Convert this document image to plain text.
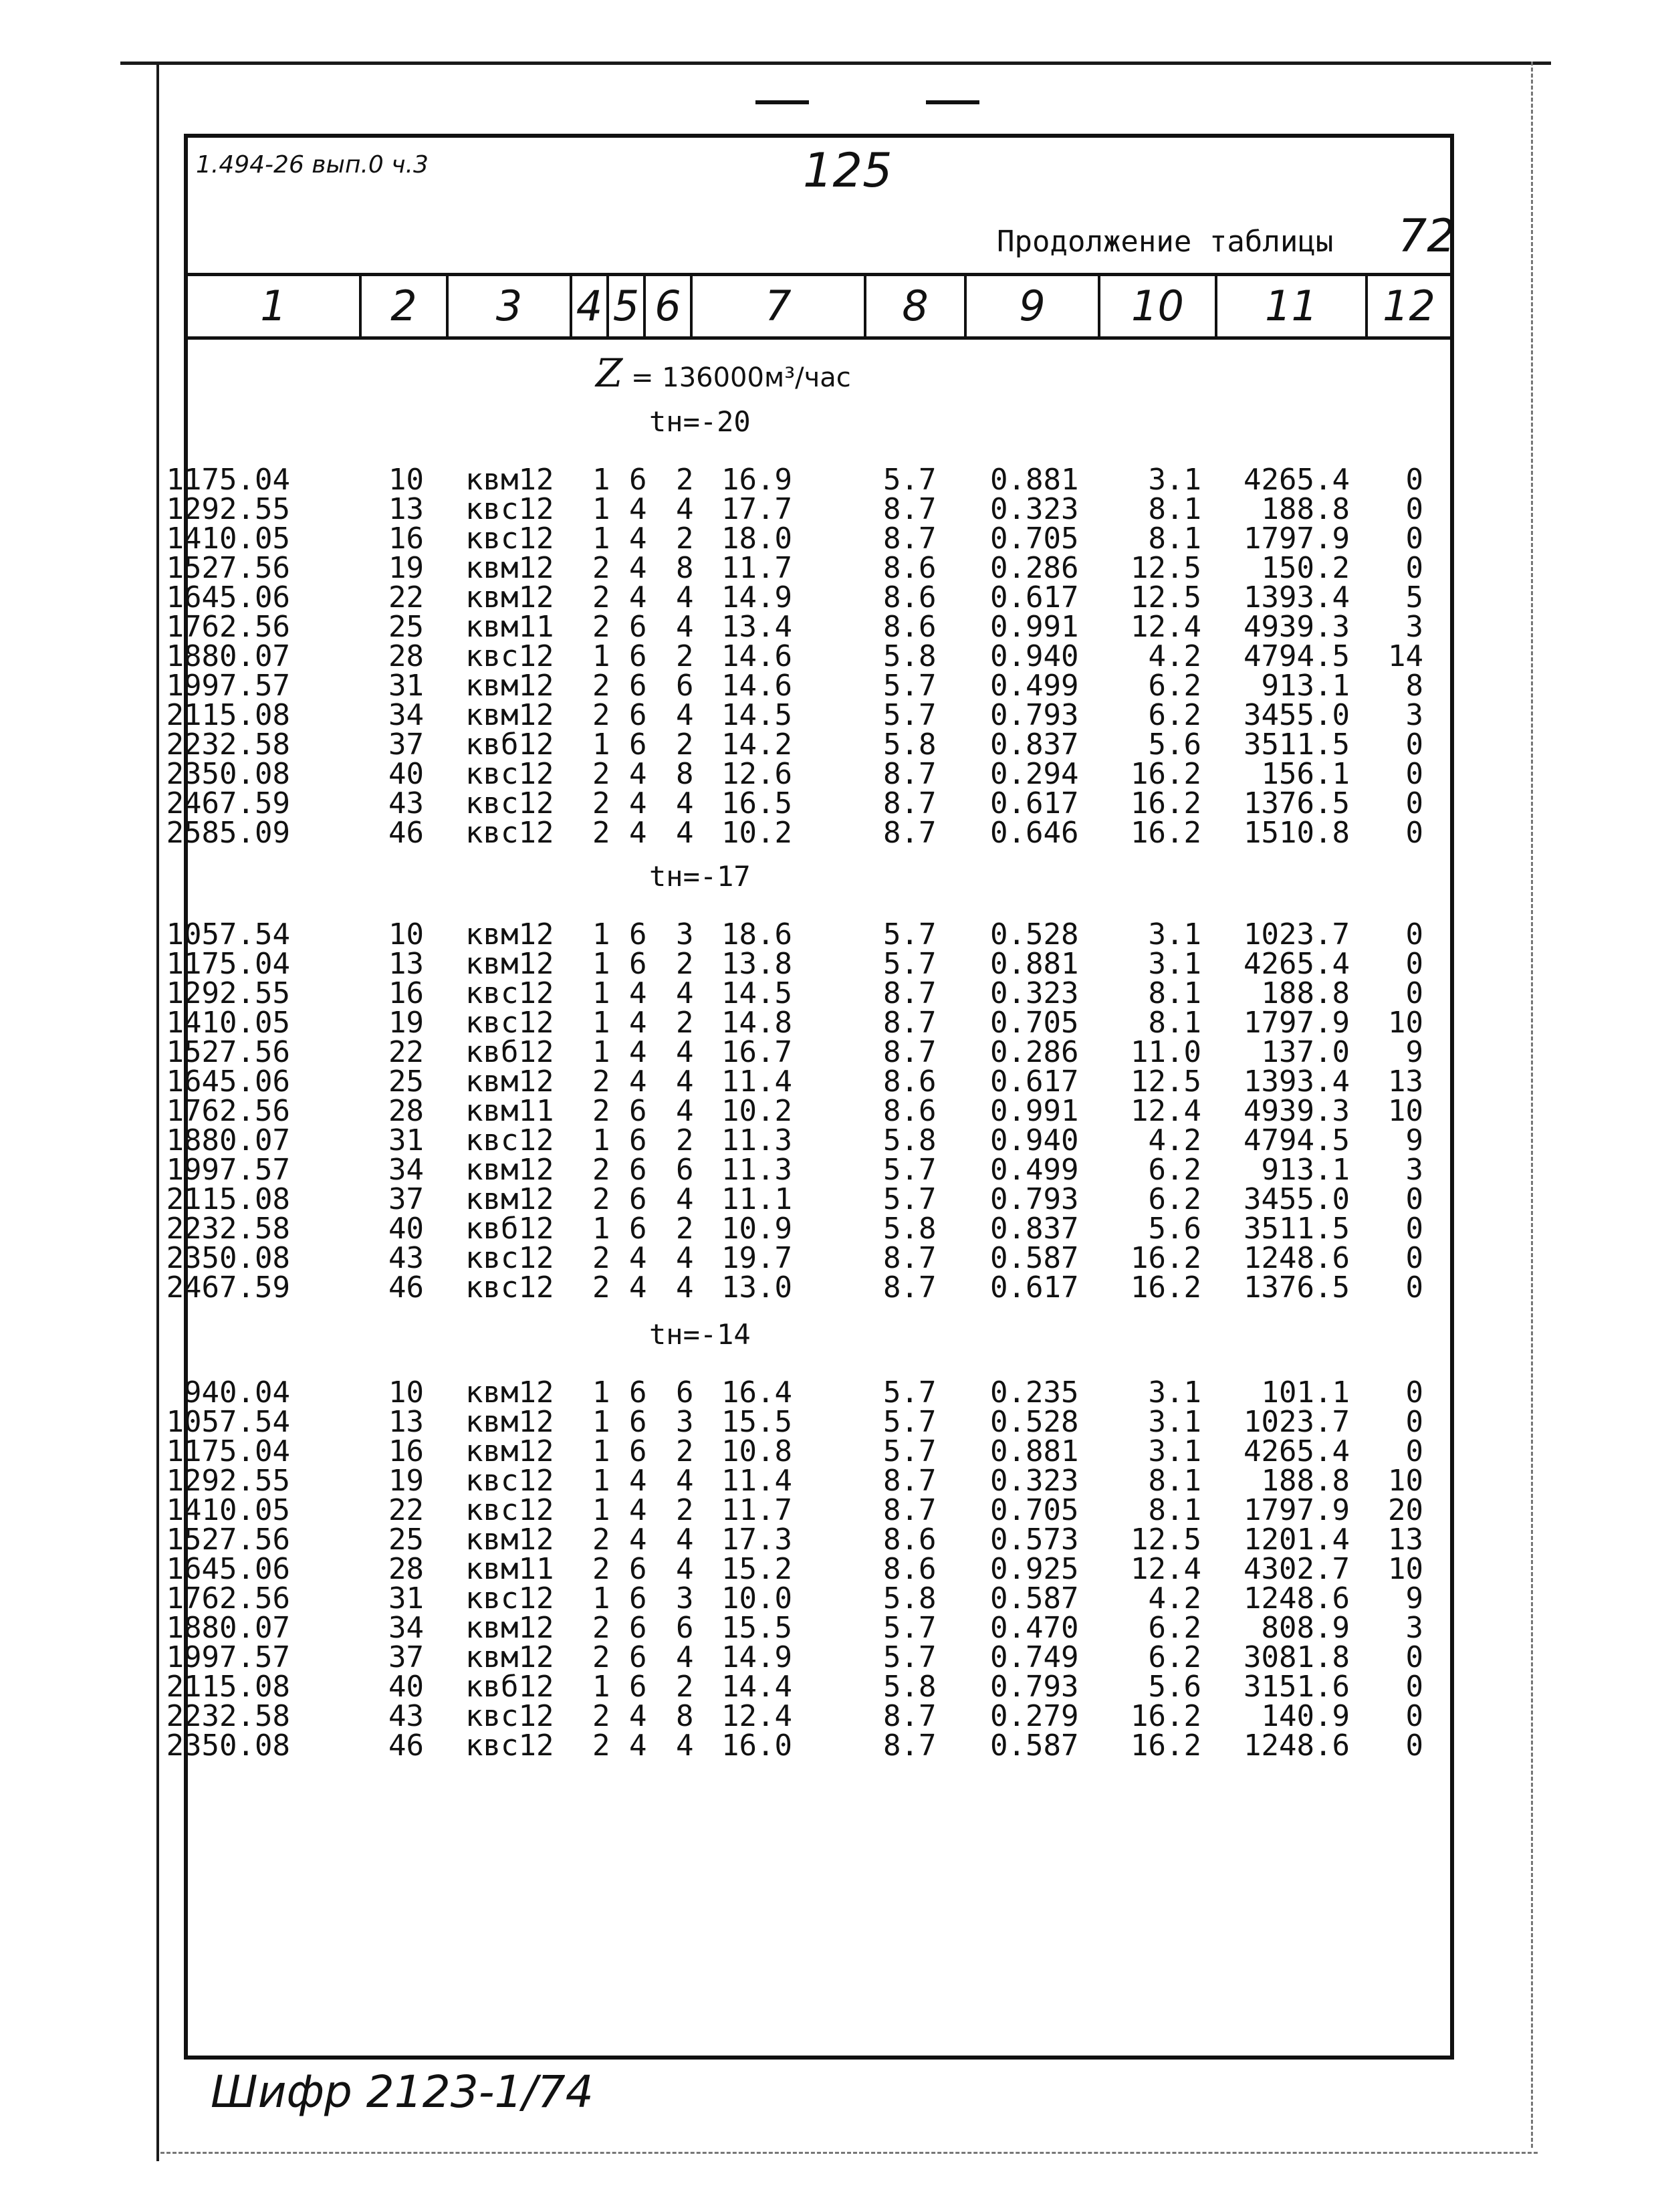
1.494-26 вып.0 ч.3	125
Продолжение таблицы 72
1	2	3	4 5 6	7	8	9	10	11	12
Z = 136000м³/час
tн=-20
1175.04	10 квм12 1 6 2 16.9	5.7 0.881 3.1 4265.4 0
1292.55	13 квс12 1 4 4 17.7	8.7 0.323 8.1 188.8 0
1410.05	16 квс12 1 4 2 18.0	8.7 0.705 8.1 1797.9 0
1527.56	19 квм12 2 4 8 11.7	8.6 0.286 12.5 150.2 0
1645.06	22 квм12 2 4 4 14.9	8.6 0.617 12.5 1393.4 5
1762.56	25 квм11 2 6 4 13.4	8.6 0.991 12.4 4939.3 3
1880.07	28 квс12 1 6 2 14.6	5.8 0.940 4.2 4794.5 14
1997.57	31 квм12 2 6 6 14.6	5.7 0.499 6.2 913.1 8
2115.08	34 квм12 2 6 4 14.5	5.7 0.793 6.2 3455.0 3
2232.58	37 квб12 1 6 2 14.2	5.8 0.837 5.6 3511.5 0
2350.08	40 квс12 2 4 8 12.6	8.7 0.294 16.2 156.1 0
2467.59	43 квс12 2 4 4 16.5	8.7 0.617 16.2 1376.5 0
2585.09	46 квс12 2 4 4 10.2	8.7 0.646 16.2 1510.8 0
tн=-17
1057.54	10 квм12 1 6 3 18.6	5.7 0.528 3.1 1023.7 0
1175.04	13 квм12 1 6 2 13.8	5.7 0.881 3.1 4265.4 0
1292.55	16 квс12 1 4 4 14.5	8.7 0.323 8.1 188.8 0
1410.05	19 квс12 1 4 2 14.8	8.7 0.705 8.1 1797.9 10
1527.56	22 квб12 1 4 4 16.7	8.7 0.286 11.0 137.0 9
1645.06	25 квм12 2 4 4 11.4	8.6 0.617 12.5 1393.4 13
1762.56	28 квм11 2 6 4 10.2	8.6 0.991 12.4 4939.3 10
1880.07	31 квс12 1 6 2 11.3	5.8 0.940 4.2 4794.5 9
1997.57	34 квм12 2 6 6 11.3	5.7 0.499 6.2 913.1 3
2115.08	37 квм12 2 6 4 11.1	5.7 0.793 6.2 3455.0 0
2232.58	40 квб12 1 6 2 10.9	5.8 0.837 5.6 3511.5 0
2350.08	43 квс12 2 4 4 19.7	8.7 0.587 16.2 1248.6 0
2467.59	46 квс12 2 4 4 13.0	8.7 0.617 16.2 1376.5 0
tн=-14
940.04	10 квм12 1 6 6 16.4	5.7 0.235 3.1 101.1 0
1057.54	13 квм12 1 6 3 15.5	5.7 0.528 3.1 1023.7 0
1175.04	16 квм12 1 6 2 10.8	5.7 0.881 3.1 4265.4 0
1292.55	19 квс12 1 4 4 11.4	8.7 0.323 8.1 188.8 10
1410.05	22 квс12 1 4 2 11.7	8.7 0.705 8.1 1797.9 20
1527.56	25 квм12 2 4 4 17.3	8.6 0.573 12.5 1201.4 13
1645.06	28 квм11 2 6 4 15.2	8.6 0.925 12.4 4302.7 10
1762.56	31 квс12 1 6 3 10.0	5.8 0.587 4.2 1248.6 9
1880.07	34 квм12 2 6 6 15.5	5.7 0.470 6.2 808.9 3
1997.57	37 квм12 2 6 4 14.9	5.7 0.749 6.2 3081.8 0
2115.08	40 квб12 1 6 2 14.4	5.8 0.793 5.6 3151.6 0
2232.58	43 квс12 2 4 8 12.4	8.7 0.279 16.2 140.9 0
2350.08	46 квс12 2 4 4 16.0	8.7 0.587 16.2 1248.6 0
Шифр 2123-1/74
